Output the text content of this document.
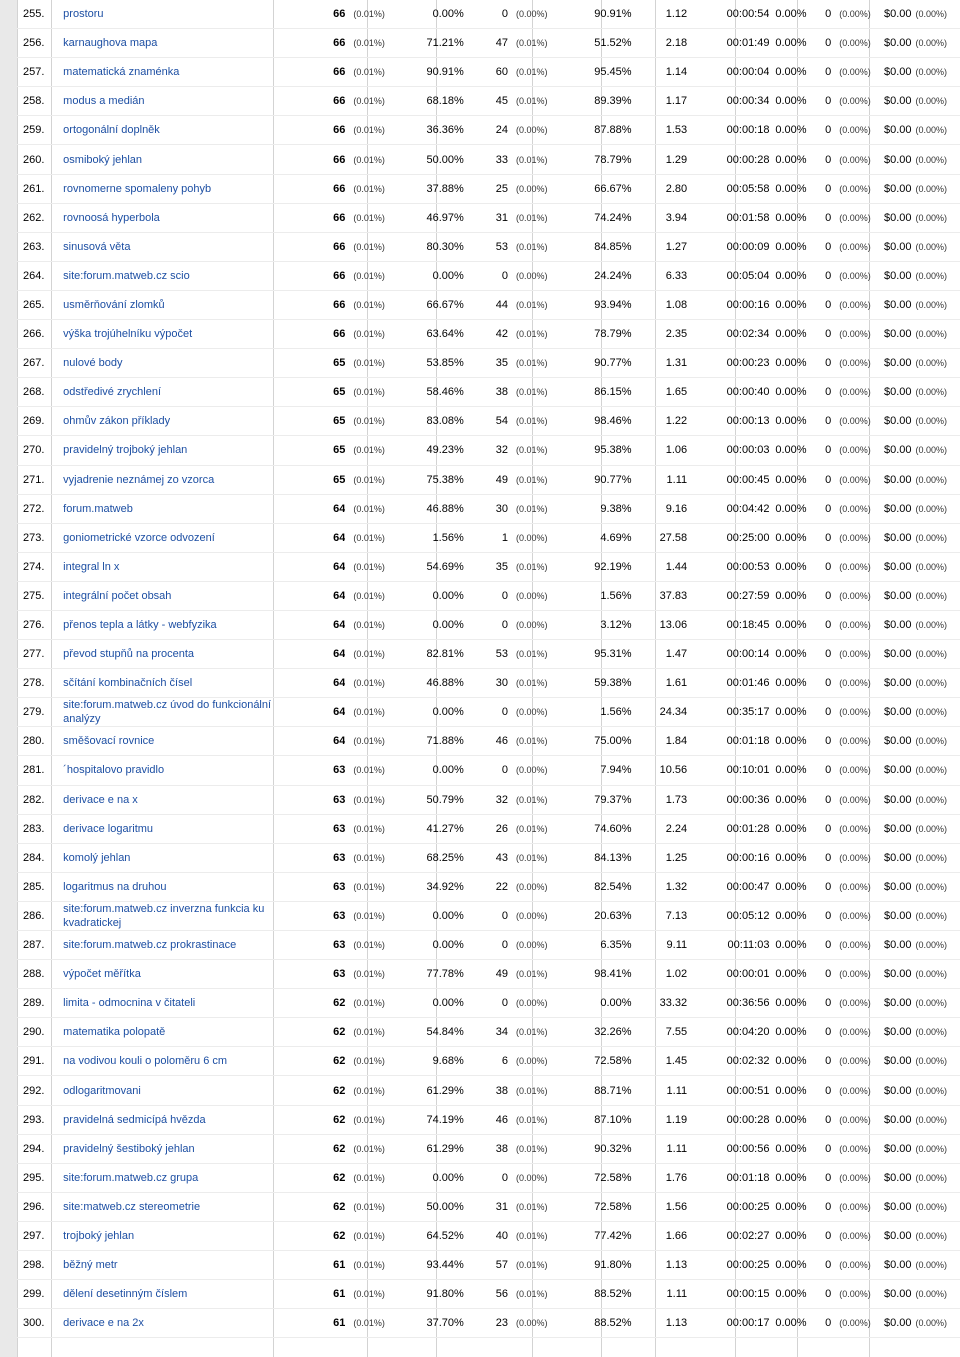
255.	prostoru	66	(0.01%)	0.00%	0	(0.00%)	90.91%	1.12	00:00:54	0.00%	0	(0.00%)	$0.00	(0.00%)
256.	karnaughova mapa	66	(0.01%)	71.21%	47	(0.01%)	51.52%	2.18	00:01:49	0.00%	0	(0.00%)	$0.00	(0.00%)
257.	matematická znaménka	66	(0.01%)	90.91%	60	(0.01%)	95.45%	1.14	00:00:04	0.00%	0	(0.00%)	$0.00	(0.00%)
258.	modus a medián	66	(0.01%)	68.18%	45	(0.01%)	89.39%	1.17	00:00:34	0.00%	0	(0.00%)	$0.00	(0.00%)
259.	ortogonální doplněk	66	(0.01%)	36.36%	24	(0.00%)	87.88%	1.53	00:00:18	0.00%	0	(0.00%)	$0.00	(0.00%)
260.	osmiboký jehlan	66	(0.01%)	50.00%	33	(0.01%)	78.79%	1.29	00:00:28	0.00%	0	(0.00%)	$0.00	(0.00%)
261.	rovnomerne spomaleny pohyb	66	(0.01%)	37.88%	25	(0.00%)	66.67%	2.80	00:05:58	0.00%	0	(0.00%)	$0.00	(0.00%)
262.	rovnoosá hyperbola	66	(0.01%)	46.97%	31	(0.01%)	74.24%	3.94	00:01:58	0.00%	0	(0.00%)	$0.00	(0.00%)
263.	sinusová věta	66	(0.01%)	80.30%	53	(0.01%)	84.85%	1.27	00:00:09	0.00%	0	(0.00%)	$0.00	(0.00%)
264.	site:forum.matweb.cz scio	66	(0.01%)	0.00%	0	(0.00%)	24.24%	6.33	00:05:04	0.00%	0	(0.00%)	$0.00	(0.00%)
265.	usměrňování zlomků	66	(0.01%)	66.67%	44	(0.01%)	93.94%	1.08	00:00:16	0.00%	0	(0.00%)	$0.00	(0.00%)
266.	výška trojúhelníku výpočet	66	(0.01%)	63.64%	42	(0.01%)	78.79%	2.35	00:02:34	0.00%	0	(0.00%)	$0.00	(0.00%)
267.	nulové body	65	(0.01%)	53.85%	35	(0.01%)	90.77%	1.31	00:00:23	0.00%	0	(0.00%)	$0.00	(0.00%)
268.	odstředivé zrychlení	65	(0.01%)	58.46%	38	(0.01%)	86.15%	1.65	00:00:40	0.00%	0	(0.00%)	$0.00	(0.00%)
269.	ohmův zákon příklady	65	(0.01%)	83.08%	54	(0.01%)	98.46%	1.22	00:00:13	0.00%	0	(0.00%)	$0.00	(0.00%)
270.	pravidelný trojboký jehlan	65	(0.01%)	49.23%	32	(0.01%)	95.38%	1.06	00:00:03	0.00%	0	(0.00%)	$0.00	(0.00%)
271.	vyjadrenie neznámej zo vzorca	65	(0.01%)	75.38%	49	(0.01%)	90.77%	1.11	00:00:45	0.00%	0	(0.00%)	$0.00	(0.00%)
272.	forum.matweb	64	(0.01%)	46.88%	30	(0.01%)	9.38%	9.16	00:04:42	0.00%	0	(0.00%)	$0.00	(0.00%)
273.	goniometrické vzorce odvození	64	(0.01%)	1.56%	1	(0.00%)	4.69%	27.58	00:25:00	0.00%	0	(0.00%)	$0.00	(0.00%)
274.	integral ln x	64	(0.01%)	54.69%	35	(0.01%)	92.19%	1.44	00:00:53	0.00%	0	(0.00%)	$0.00	(0.00%)
275.	integrální počet obsah	64	(0.01%)	0.00%	0	(0.00%)	1.56%	37.83	00:27:59	0.00%	0	(0.00%)	$0.00	(0.00%)
276.	přenos tepla a látky - webfyzika	64	(0.01%)	0.00%	0	(0.00%)	3.12%	13.06	00:18:45	0.00%	0	(0.00%)	$0.00	(0.00%)
277.	převod stupňů na procenta	64	(0.01%)	82.81%	53	(0.01%)	95.31%	1.47	00:00:14	0.00%	0	(0.00%)	$0.00	(0.00%)
278.	sčítání kombinačních čísel	64	(0.01%)	46.88%	30	(0.01%)	59.38%	1.61	00:01:46	0.00%	0	(0.00%)	$0.00	(0.00%)
279.	site:forum.matweb.cz úvod do funkcionální analýzy	64	(0.01%)	0.00%	0	(0.00%)	1.56%	24.34	00:35:17	0.00%	0	(0.00%)	$0.00	(0.00%)
280.	směšovací rovnice	64	(0.01%)	71.88%	46	(0.01%)	75.00%	1.84	00:01:18	0.00%	0	(0.00%)	$0.00	(0.00%)
281.	´hospitalovo pravidlo	63	(0.01%)	0.00%	0	(0.00%)	7.94%	10.56	00:10:01	0.00%	0	(0.00%)	$0.00	(0.00%)
282.	derivace e na x	63	(0.01%)	50.79%	32	(0.01%)	79.37%	1.73	00:00:36	0.00%	0	(0.00%)	$0.00	(0.00%)
283.	derivace logaritmu	63	(0.01%)	41.27%	26	(0.01%)	74.60%	2.24	00:01:28	0.00%	0	(0.00%)	$0.00	(0.00%)
284.	komolý jehlan	63	(0.01%)	68.25%	43	(0.01%)	84.13%	1.25	00:00:16	0.00%	0	(0.00%)	$0.00	(0.00%)
285.	logaritmus na druhou	63	(0.01%)	34.92%	22	(0.00%)	82.54%	1.32	00:00:47	0.00%	0	(0.00%)	$0.00	(0.00%)
286.	site:forum.matweb.cz inverzna funkcia ku kvadratickej	63	(0.01%)	0.00%	0	(0.00%)	20.63%	7.13	00:05:12	0.00%	0	(0.00%)	$0.00	(0.00%)
287.	site:forum.matweb.cz prokrastinace	63	(0.01%)	0.00%	0	(0.00%)	6.35%	9.11	00:11:03	0.00%	0	(0.00%)	$0.00	(0.00%)
288.	výpočet měřítka	63	(0.01%)	77.78%	49	(0.01%)	98.41%	1.02	00:00:01	0.00%	0	(0.00%)	$0.00	(0.00%)
289.	limita - odmocnina v čitateli	62	(0.01%)	0.00%	0	(0.00%)	0.00%	33.32	00:36:56	0.00%	0	(0.00%)	$0.00	(0.00%)
290.	matematika polopatě	62	(0.01%)	54.84%	34	(0.01%)	32.26%	7.55	00:04:20	0.00%	0	(0.00%)	$0.00	(0.00%)
291.	na vodivou kouli o poloměru 6 cm	62	(0.01%)	9.68%	6	(0.00%)	72.58%	1.45	00:02:32	0.00%	0	(0.00%)	$0.00	(0.00%)
292.	odlogaritmovani	62	(0.01%)	61.29%	38	(0.01%)	88.71%	1.11	00:00:51	0.00%	0	(0.00%)	$0.00	(0.00%)
293.	pravidelná sedmicípá hvězda	62	(0.01%)	74.19%	46	(0.01%)	87.10%	1.19	00:00:28	0.00%	0	(0.00%)	$0.00	(0.00%)
294.	pravidelný šestiboký jehlan	62	(0.01%)	61.29%	38	(0.01%)	90.32%	1.11	00:00:56	0.00%	0	(0.00%)	$0.00	(0.00%)
295.	site:forum.matweb.cz grupa	62	(0.01%)	0.00%	0	(0.00%)	72.58%	1.76	00:01:18	0.00%	0	(0.00%)	$0.00	(0.00%)
296.	site:matweb.cz stereometrie	62	(0.01%)	50.00%	31	(0.01%)	72.58%	1.56	00:00:25	0.00%	0	(0.00%)	$0.00	(0.00%)
297.	trojboký jehlan	62	(0.01%)	64.52%	40	(0.01%)	77.42%	1.66	00:02:27	0.00%	0	(0.00%)	$0.00	(0.00%)
298.	běžný metr	61	(0.01%)	93.44%	57	(0.01%)	91.80%	1.13	00:00:25	0.00%	0	(0.00%)	$0.00	(0.00%)
299.	dělení desetinným číslem	61	(0.01%)	91.80%	56	(0.01%)	88.52%	1.11	00:00:15	0.00%	0	(0.00%)	$0.00	(0.00%)
300.	derivace e na 2x	61	(0.01%)	37.70%	23	(0.00%)	88.52%	1.13	00:00:17	0.00%	0	(0.00%)	$0.00	(0.00%)
